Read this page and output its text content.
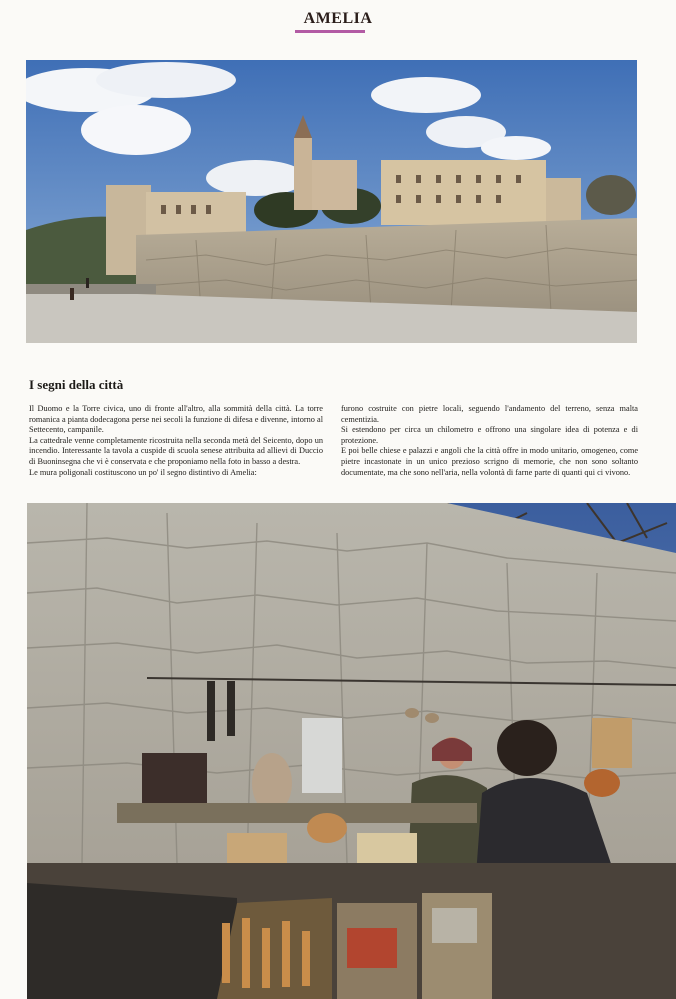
AMELIA
I segni della città

Il Duomo e la Torre civica, uno di fronte all'altro, alla sommità della città. La torre romanica a pianta dodecagona perse nei secoli la funzione di difesa e divenne, intorno al Settecento, campanile.

La cattedrale venne completamente ricostruita nella seconda metà del Seicento, dopo un incendio. Interessante la tavola a cuspide di scuola senese attribuita ad allievi di Duccio di Buoninsegna che vi è conservata e che proponiamo nella foto in basso a destra.

Le mura poligonali costituscono un po' il segno distintivo di Amelia:

furono costruite con pietre locali, seguendo l'andamento del terreno, senza malta cementizia.

Si estendono per circa un chilometro e offrono una singolare idea di potenza e di protezione.

E poi belle chiese e palazzi e angoli che la città offre in modo unitario, omogeneo, come pietre incastonate in un unico prezioso scrigno di memorie, che non sono soltanto documentate, ma che sono nell'aria, nella volontà di farne parte di quanti qui ci vivono.
